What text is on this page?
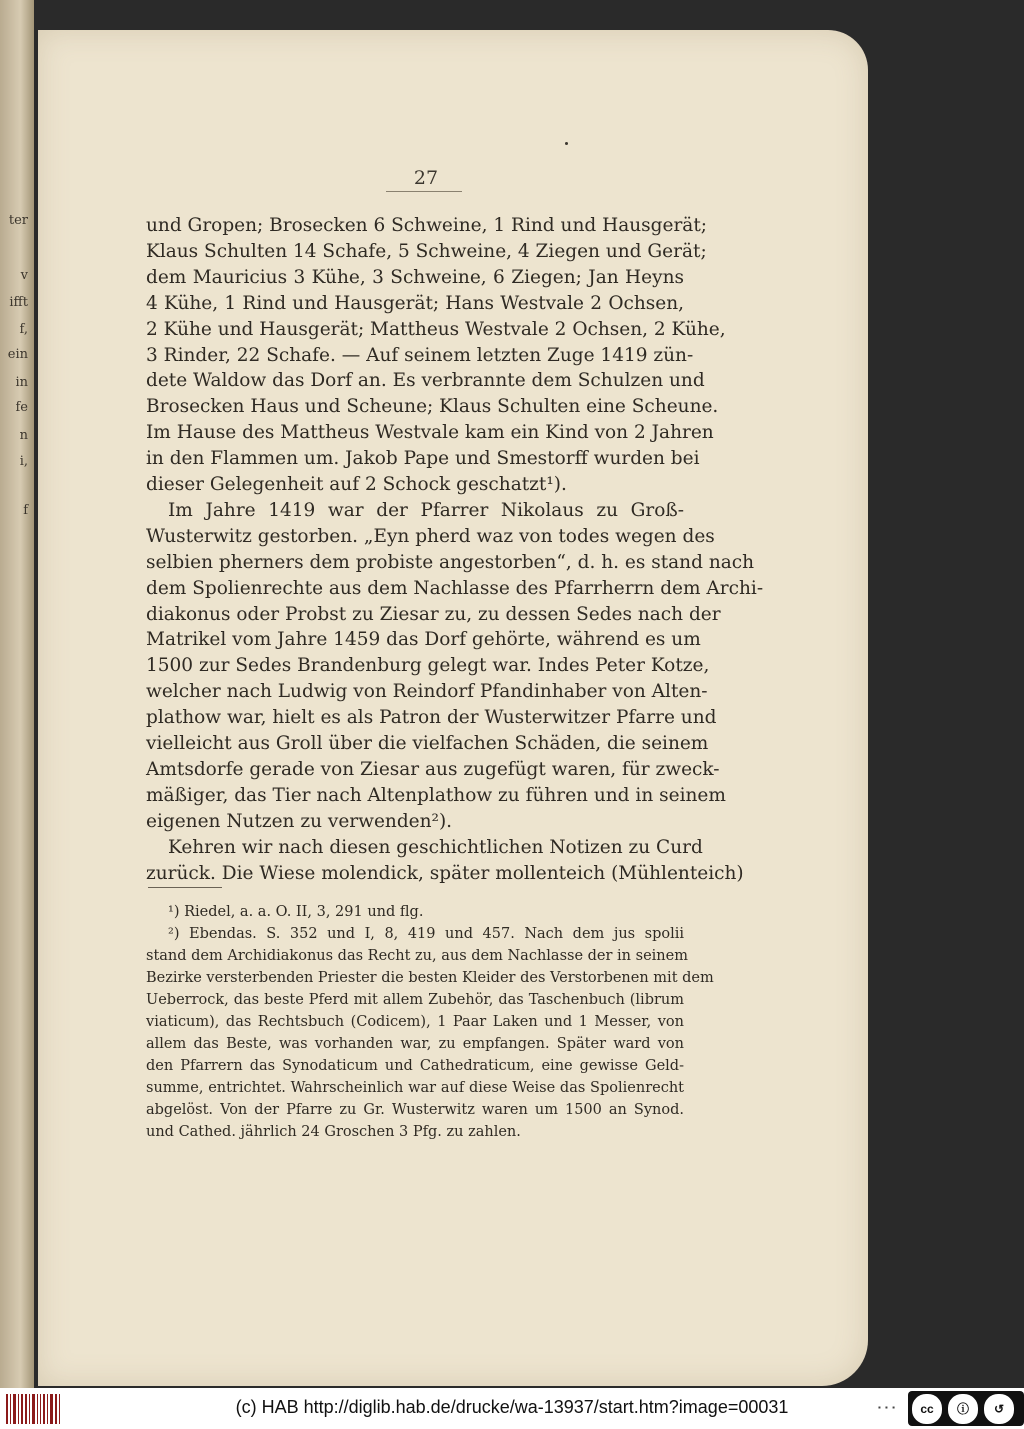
ter
v
ifft
f,
ein
in
fe
n
i,
f
27
und Gropen; Brosecken 6 Schweine, 1 Rind und Hausgerät;
Klaus Schulten 14 Schafe, 5 Schweine, 4 Ziegen und Gerät;
dem Mauricius 3 Kühe, 3 Schweine, 6 Ziegen; Jan Heyns
4 Kühe, 1 Rind und Hausgerät; Hans Westvale 2 Ochsen,
2 Kühe und Hausgerät; Mattheus Westvale 2 Ochsen, 2 Kühe,
3 Rinder, 22 Schafe. — Auf seinem letzten Zuge 1419 zün-
dete Waldow das Dorf an. Es verbrannte dem Schulzen und
Brosecken Haus und Scheune; Klaus Schulten eine Scheune.
Im Hause des Mattheus Westvale kam ein Kind von 2 Jahren
in den Flammen um. Jakob Pape und Smestorff wurden bei
dieser Gelegenheit auf 2 Schock geschatzt¹).
Im Jahre 1419 war der Pfarrer Nikolaus zu Groß-
Wusterwitz gestorben. „Eyn pherd waz von todes wegen des
selbien pherners dem probiste angestorben“, d. h. es stand nach
dem Spolienrechte aus dem Nachlasse des Pfarrherrn dem Archi-
diakonus oder Probst zu Ziesar zu, zu dessen Sedes nach der
Matrikel vom Jahre 1459 das Dorf gehörte, während es um
1500 zur Sedes Brandenburg gelegt war. Indes Peter Kotze,
welcher nach Ludwig von Reindorf Pfandinhaber von Alten-
plathow war, hielt es als Patron der Wusterwitzer Pfarre und
vielleicht aus Groll über die vielfachen Schäden, die seinem
Amtsdorfe gerade von Ziesar aus zugefügt waren, für zweck-
mäßiger, das Tier nach Altenplathow zu führen und in seinem
eigenen Nutzen zu verwenden²).
Kehren wir nach diesen geschichtlichen Notizen zu Curd
zurück. Die Wiese molendick, später mollenteich (Mühlenteich)
¹) Riedel, a. a. O. II, 3, 291 und flg.
²) Ebendas. S. 352 und I, 8, 419 und 457. Nach dem jus spolii
stand dem Archidiakonus das Recht zu, aus dem Nachlasse der in seinem
Bezirke versterbenden Priester die besten Kleider des Verstorbenen mit dem
Ueberrock, das beste Pferd mit allem Zubehör, das Taschenbuch (librum
viaticum), das Rechtsbuch (Codicem), 1 Paar Laken und 1 Messer, von
allem das Beste, was vorhanden war, zu empfangen. Später ward von
den Pfarrern das Synodaticum und Cathedraticum, eine gewisse Geld-
summe, entrichtet. Wahrscheinlich war auf diese Weise das Spolienrecht
abgelöst. Von der Pfarre zu Gr. Wusterwitz waren um 1500 an Synod.
und Cathed. jährlich 24 Groschen 3 Pfg. zu zahlen.
(c) HAB http://diglib.hab.de/drucke/wa-13937/start.htm?image=00031	▪ ▪ ▪	cc	ⓘ	↺
BY	SA
